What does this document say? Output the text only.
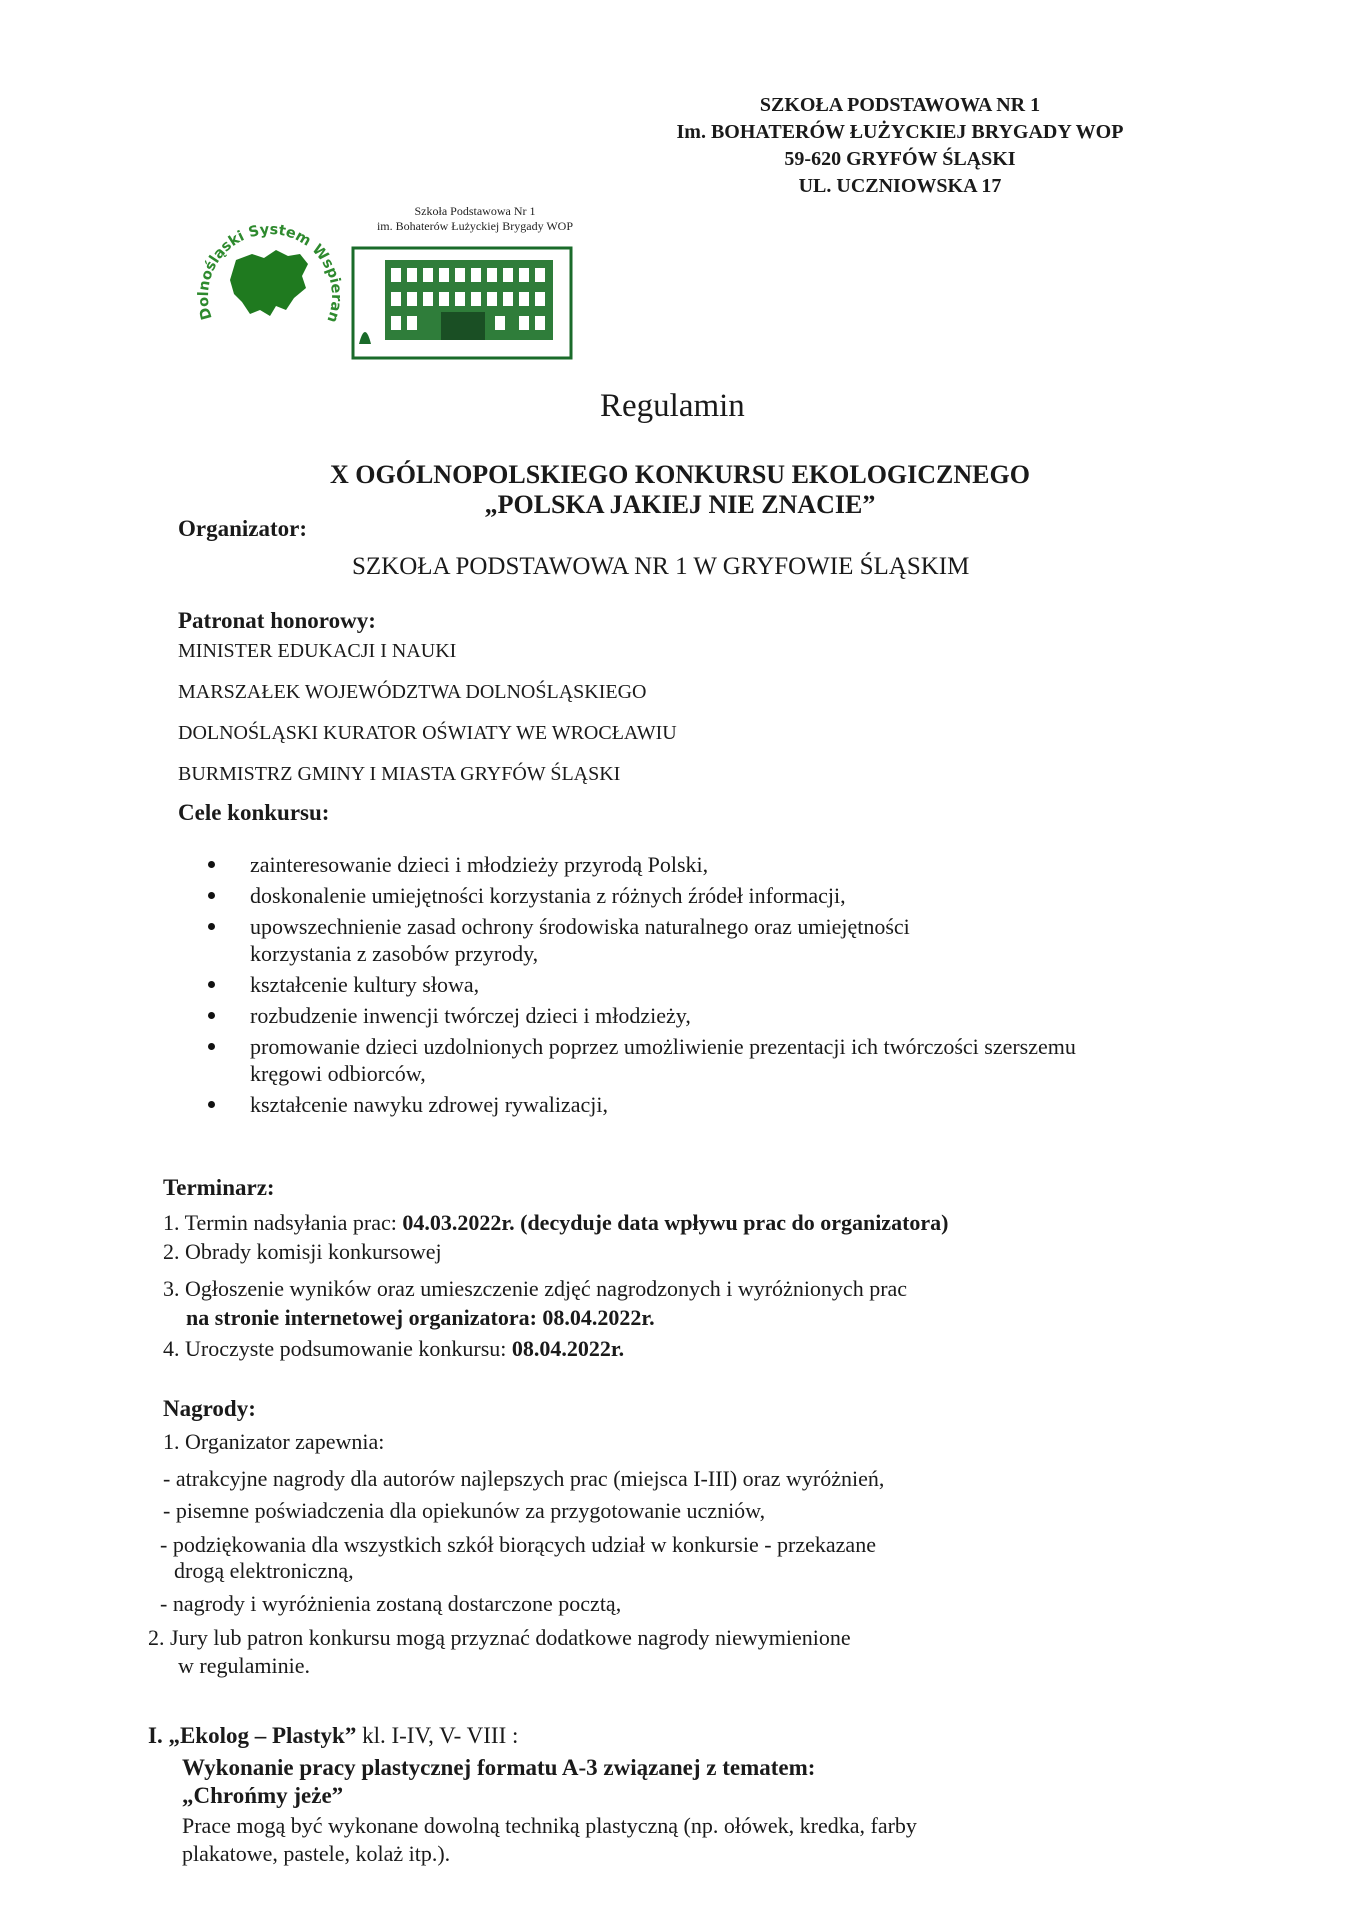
SZKOŁA PODSTAWOWA NR 1
Im. BOHATERÓW ŁUŻYCKIEJ BRYGADY WOP
59-620 GRYFÓW ŚLĄSKI
UL. UCZNIOWSKA 17
Dolnośląski System Wspieran
Szkoła Podstawowa Nr 1
im. Bohaterów Łużyckiej Brygady WOP
Regulamin
X OGÓLNOPOLSKIEGO KONKURSU EKOLOGICZNEGO
„POLSKA JAKIEJ NIE ZNACIE”
Organizator:
SZKOŁA PODSTAWOWA NR 1 W GRYFOWIE ŚLĄSKIM
Patronat honorowy:
MINISTER EDUKACJI I NAUKI
MARSZAŁEK WOJEWÓDZTWA DOLNOŚLĄSKIEGO
DOLNOŚLĄSKI KURATOR OŚWIATY WE WROCŁAWIU
BURMISTRZ GMINY I MIASTA GRYFÓW ŚLĄSKI
Cele konkursu:
zainteresowanie dzieci i młodzieży przyrodą Polski,
doskonalenie umiejętności korzystania z różnych źródeł informacji,
upowszechnienie zasad ochrony środowiska naturalnego oraz umiejętności korzystania z zasobów przyrody,
kształcenie kultury słowa,
rozbudzenie inwencji twórczej dzieci i młodzieży,
promowanie dzieci uzdolnionych poprzez umożliwienie prezentacji ich twórczości szerszemu kręgowi odbiorców,
kształcenie nawyku zdrowej rywalizacji,
Terminarz:
1. Termin nadsyłania prac: 04.03.2022r. (decyduje data wpływu prac do organizatora)
2. Obrady komisji konkursowej
3. Ogłoszenie wyników oraz umieszczenie zdjęć nagrodzonych i wyróżnionych prac
na stronie internetowej organizatora: 08.04.2022r.
4. Uroczyste podsumowanie konkursu: 08.04.2022r.
Nagrody:
1. Organizator zapewnia:
- atrakcyjne nagrody dla autorów najlepszych prac (miejsca I-III) oraz wyróżnień,
- pisemne poświadczenia dla opiekunów za przygotowanie uczniów,
- podziękowania dla wszystkich szkół biorących udział w konkursie - przekazane
drogą elektroniczną,
- nagrody i wyróżnienia zostaną dostarczone pocztą,
2. Jury lub patron konkursu mogą przyznać dodatkowe nagrody niewymienione
w regulaminie.
I. „Ekolog – Plastyk” kl. I-IV, V- VIII :
Wykonanie pracy plastycznej formatu A-3 związanej z tematem:
„Chrońmy jeże”
Prace mogą być wykonane dowolną techniką plastyczną (np. ołówek, kredka, farby
plakatowe, pastele, kolaż itp.).
